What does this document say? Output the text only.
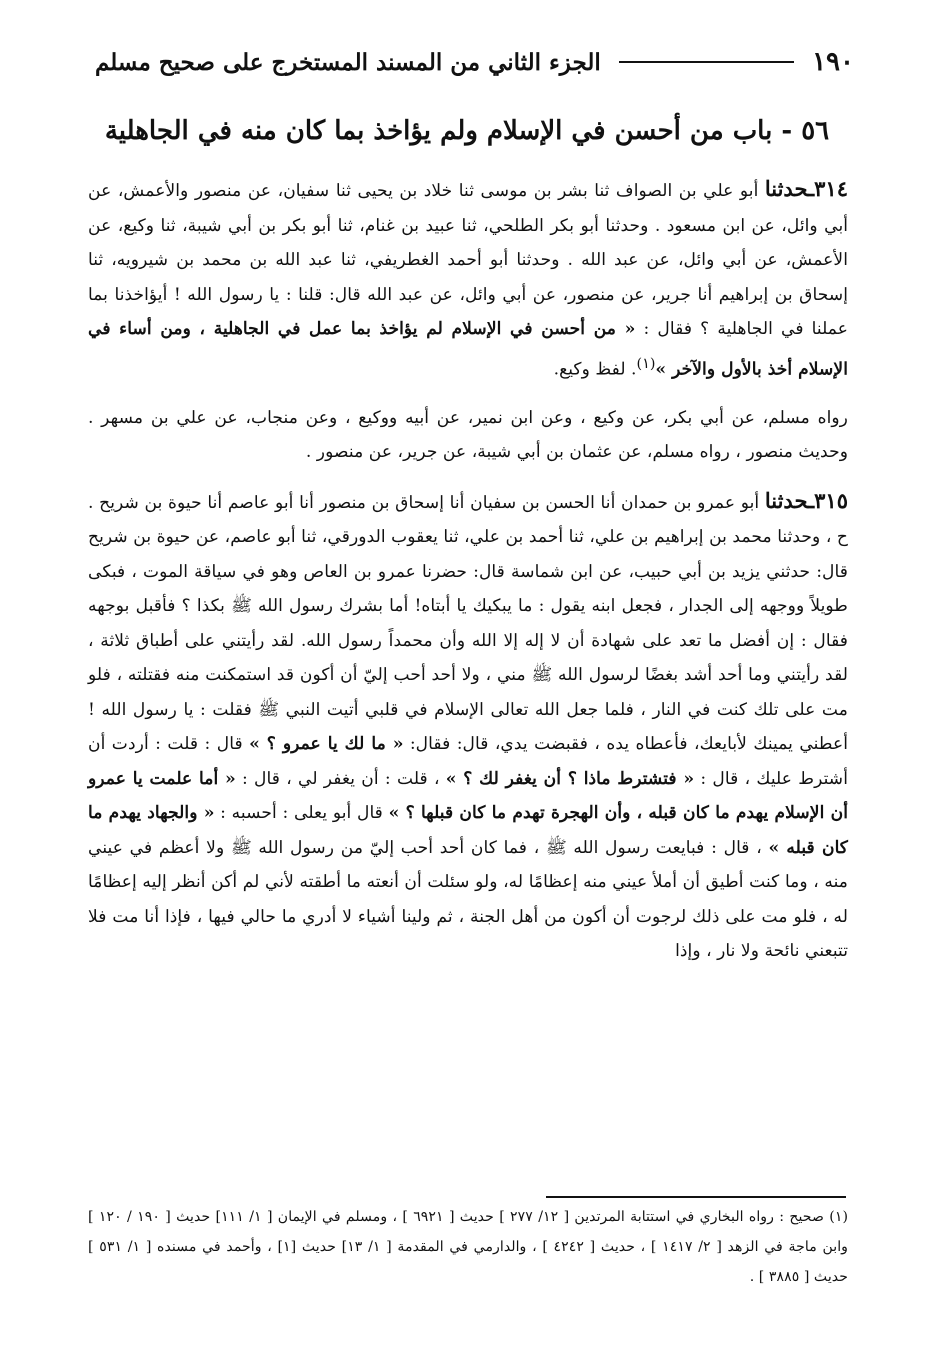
١٩٠
الجزء الثاني من المسند المستخرج على صحيح مسلم
٥٦ - باب من أحسن في الإسلام ولم يؤاخذ بما كان منه في الجاهلية

٣١٤ـحدثنا أبو علي بن الصواف ثنا بشر بن موسى ثنا خلاد بن يحيى ثنا سفيان، عن منصور والأعمش، عن أبي وائل، عن ابن مسعود . وحدثنا أبو بكر الطلحي، ثنا عبيد بن غنام، ثنا أبو بكر بن أبي شيبة، ثنا وكيع، عن الأعمش، عن أبي وائل، عن عبد الله . وحدثنا أبو أحمد الغطريفي، ثنا عبد الله بن محمد بن شيرويه، ثنا إسحاق بن إبراهيم أنا جرير، عن منصور، عن أبي وائل، عن عبد الله قال: قلنا : يا رسول الله ! أيؤاخذنا بما عملنا في الجاهلية ؟ فقال : « من أحسن في الإسلام لم يؤاخذ بما عمل في الجاهلية ، ومن أساء في الإسلام أخذ بالأول والآخر »$^{(١)}$. لفظ وكيع.

رواه مسلم، عن أبي بكر، عن وكيع ، وعن ابن نمير، عن أبيه ووكيع ، وعن منجاب، عن علي بن مسهر . وحديث منصور ، رواه مسلم، عن عثمان بن أبي شيبة، عن جرير، عن منصور .

٣١٥ـحدثنا أبو عمرو بن حمدان أنا الحسن بن سفيان أنا إسحاق بن منصور أنا أبو عاصم أنا حيوة بن شريح . ح ، وحدثنا محمد بن إبراهيم بن علي، ثنا أحمد بن علي، ثنا يعقوب الدورقي، ثنا أبو عاصم، عن حيوة بن شريح قال: حدثني يزيد بن أبي حبيب، عن ابن شماسة قال: حضرنا عمرو بن العاص وهو في سياقة الموت ، فبكى طويلاً ووجهه إلى الجدار ، فجعل ابنه يقول : ما يبكيك يا أبتاه! أما بشرك رسول الله ﷺ بكذا ؟ فأقبل بوجهه فقال : إن أفضل ما تعد على شهادة أن لا إله إلا الله وأن محمداً رسول الله. لقد رأيتني على أطباق ثلاثة ، لقد رأيتني وما أحد أشد بغضًا لرسول الله ﷺ مني ، ولا أحد أحب إليّ أن أكون قد استمكنت منه فقتلته ، فلو مت على تلك كنت في النار ، فلما جعل الله تعالى الإسلام في قلبي أتيت النبي ﷺ فقلت : يا رسول الله ! أعطني يمينك لأبايعك، فأعطاه يده ، فقبضت يدي، قال: فقال: « ما لك يا عمرو ؟ » قال : قلت : أردت أن أشترط عليك ، قال : « فتشترط ماذا ؟ أن يغفر لك ؟ » ، قلت : أن يغفر لي ، قال : « أما علمت يا عمرو أن الإسلام يهدم ما كان قبله ، وأن الهجرة تهدم ما كان قبلها ؟ » قال أبو يعلى : أحسبه : « والجهاد يهدم ما كان قبله » ، قال : فبايعت رسول الله ﷺ ، فما كان أحد أحب إليّ من رسول الله ﷺ ولا أعظم في عيني منه ، وما كنت أطيق أن أملأ عيني منه إعظامًا له، ولو سئلت أن أنعته ما أطقته لأني لم أكن أنظر إليه إعظامًا له ، فلو مت على ذلك لرجوت أن أكون من أهل الجنة ، ثم ولينا أشياء لا أدري ما حالي فيها ، فإذا أنا مت فلا تتبعني نائحة ولا نار ، وإذا

(١) صحيح : رواه البخاري في استتابة المرتدين [ ١٢/ ٢٧٧ ] حديث [ ٦٩٢١ ] ، ومسلم في الإيمان [ ١/ ١١١] حديث [ ١٩٠ / ١٢٠ ] وابن ماجة في الزهد [ ٢/ ١٤١٧ ] ، حديث [ ٤٢٤٢ ] ، والدارمي في المقدمة [ ١/ ١٣] حديث [١] ، وأحمد في مسنده [ ١/ ٥٣١ ] حديث [ ٣٨٨٥ ] .
